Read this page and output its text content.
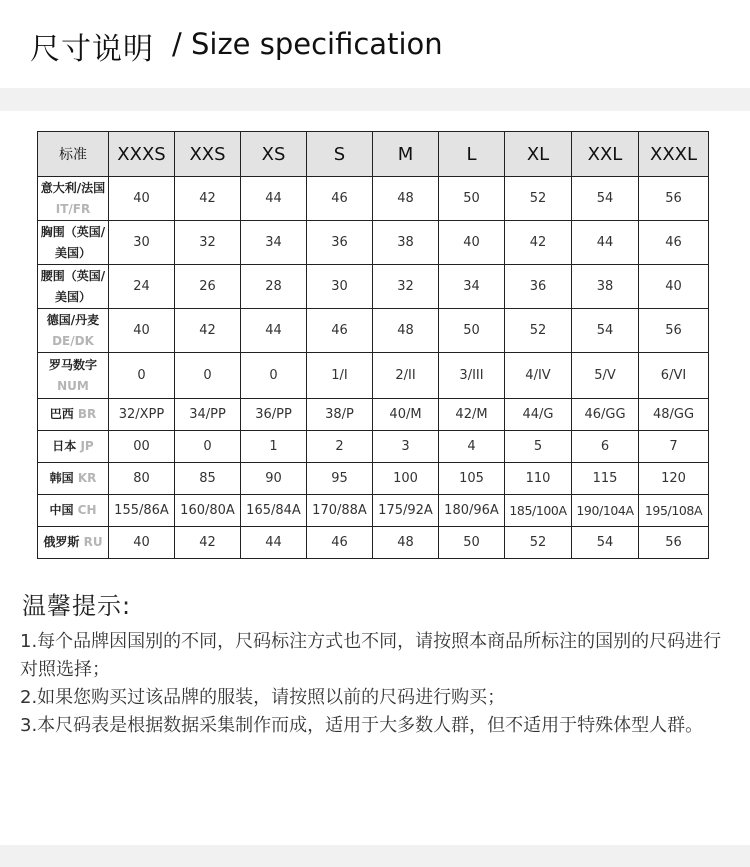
尺寸说明 / Size specification
标准	XXXS	XXS	XS	S	M	L	XL	XXL	XXXL
意大利/法国 IT/FR	40	42	44	46	48	50	52	54	56
胸围（英国/美国）	30	32	34	36	38	40	42	44	46
腰围（英国/美国）	24	26	28	30	32	34	36	38	40
德国/丹麦 DE/DK	40	42	44	46	48	50	52	54	56
罗马数字 NUM	0	0	0	1/I	2/II	3/III	4/IV	5/V	6/VI
巴西 BR	32/XPP	34/PP	36/PP	38/P	40/M	42/M	44/G	46/GG	48/GG
日本 JP	00	0	1	2	3	4	5	6	7
韩国 KR	80	85	90	95	100	105	110	115	120
中国 CH	155/86A	160/80A	165/84A	170/88A	175/92A	180/96A	185/100A	190/104A	195/108A
俄罗斯 RU	40	42	44	46	48	50	52	54	56
温馨提示:

1.每个品牌因国别的不同，尺码标注方式也不同，请按照本商品所标注的国别的尺码进行对照选择；

2.如果您购买过该品牌的服装，请按照以前的尺码进行购买；

3.本尺码表是根据数据采集制作而成，适用于大多数人群，但不适用于特殊体型人群。
